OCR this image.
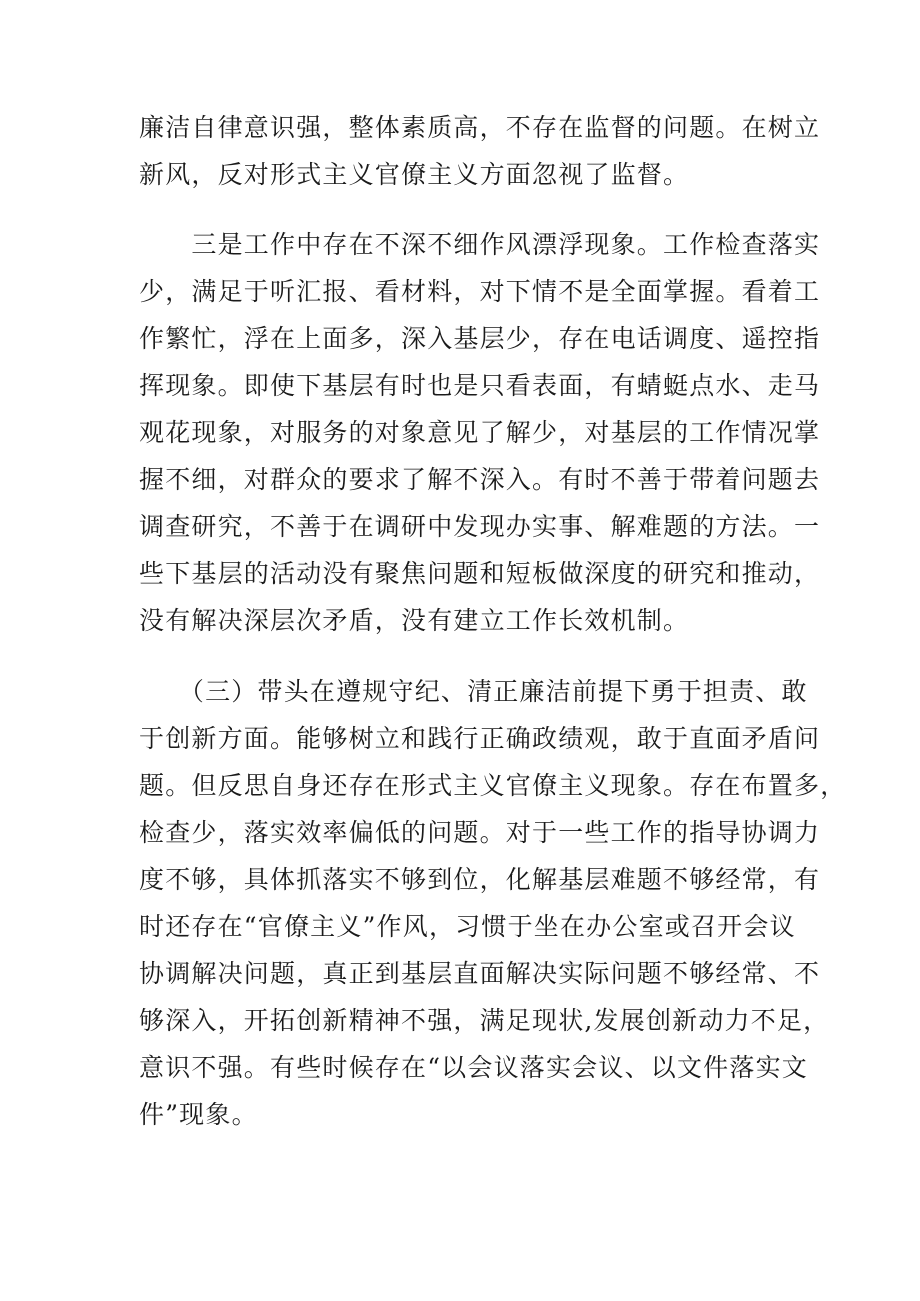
廉洁自律意识强，整体素质高，不存在监督的问题。在树立
新风，反对形式主义官僚主义方面忽视了监督。

　　三是工作中存在不深不细作风漂浮现象。工作检查落实
少，满足于听汇报、看材料，对下情不是全面掌握。看着工
作繁忙，浮在上面多，深入基层少，存在电话调度、遥控指
挥现象。即使下基层有时也是只看表面，有蜻蜓点水、走马
观花现象，对服务的对象意见了解少，对基层的工作情况掌
握不细，对群众的要求了解不深入。有时不善于带着问题去
调查研究，不善于在调研中发现办实事、解难题的方法。一
些下基层的活动没有聚焦问题和短板做深度的研究和推动，
没有解决深层次矛盾，没有建立工作长效机制。

　　（三）带头在遵规守纪、清正廉洁前提下勇于担责、敢
于创新方面。能够树立和践行正确政绩观，敢于直面矛盾问
题。但反思自身还存在形式主义官僚主义现象。存在布置多，
检查少，落实效率偏低的问题。对于一些工作的指导协调力
度不够，具体抓落实不够到位，化解基层难题不够经常，有
时还存在“官僚主义”作风，习惯于坐在办公室或召开会议
协调解决问题，真正到基层直面解决实际问题不够经常、不
够深入，开拓创新精神不强，满足现状,发展创新动力不足，
意识不强。有些时候存在“以会议落实会议、以文件落实文
件”现象。
